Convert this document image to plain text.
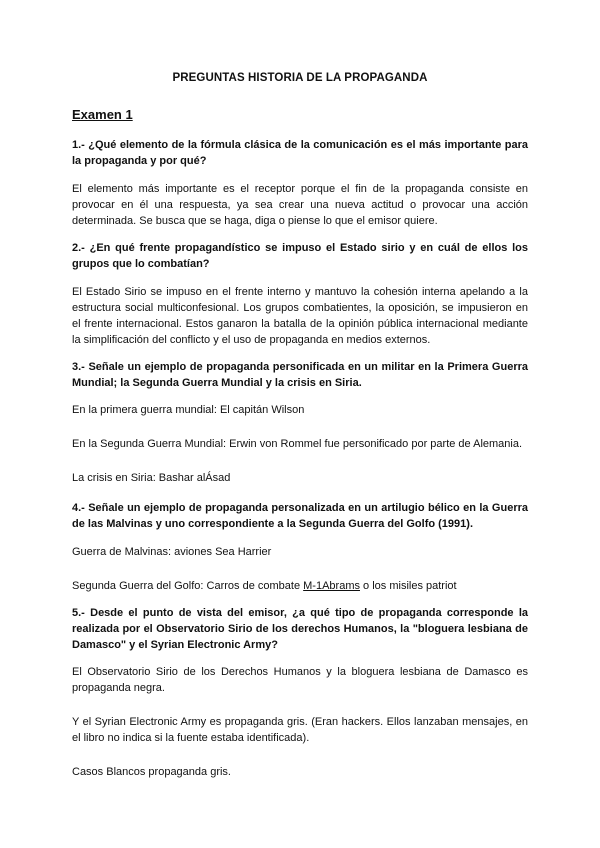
PREGUNTAS HISTORIA DE LA PROPAGANDA
Examen 1
1.- ¿Qué elemento de la fórmula clásica de la comunicación es el más importante para la propaganda y por qué?
El elemento más importante es el receptor porque el fin de la propaganda consiste en provocar en él una respuesta, ya sea crear una nueva actitud o provocar una acción determinada. Se busca que se haga, diga o piense lo que el emisor quiere.
2.- ¿En qué frente propagandístico se impuso el Estado sirio y en cuál de ellos los grupos que lo combatían?
El Estado Sirio se impuso en el frente interno y mantuvo la cohesión interna apelando a la estructura social multiconfesional. Los grupos combatientes, la oposición, se impusieron en el frente internacional. Estos ganaron la batalla de la opinión pública internacional mediante la simplificación del conflicto y el uso de propaganda en medios externos.
3.- Señale un ejemplo de propaganda personificada en un militar en la Primera Guerra Mundial; la Segunda Guerra Mundial y la crisis en Siria.
En la primera guerra mundial: El capitán Wilson
En la Segunda Guerra Mundial: Erwin von Rommel fue personificado por parte de Alemania.
La crisis en Siria: Bashar alÁsad
4.- Señale un ejemplo de propaganda personalizada en un artilugio bélico en la Guerra de las Malvinas y uno correspondiente a la Segunda Guerra del Golfo (1991).
Guerra de Malvinas: aviones Sea Harrier
Segunda Guerra del Golfo: Carros de combate M-1Abrams o los misiles patriot
5.- Desde el punto de vista del emisor, ¿a qué tipo de propaganda corresponde la realizada por el Observatorio Sirio de los derechos Humanos, la "bloguera lesbiana de Damasco" y el Syrian Electronic Army?
El Observatorio Sirio de los Derechos Humanos y la bloguera lesbiana de Damasco es propaganda negra.
Y el Syrian Electronic Army es propaganda gris. (Eran hackers. Ellos lanzaban mensajes, en el libro no indica si la fuente estaba identificada).
Casos Blancos propaganda gris.
